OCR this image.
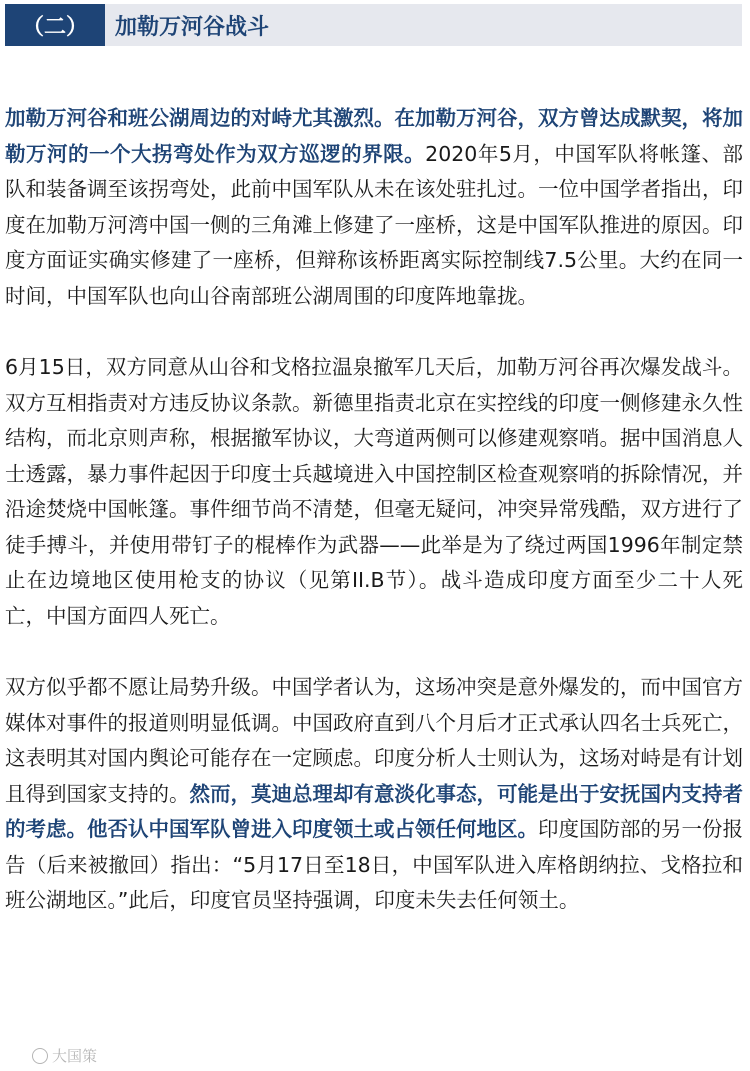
（二）	加勒万河谷战斗

加勒万河谷和班公湖周边的对峙尤其激烈。在加勒万河谷，双方曾达成默契，将加勒万河的一个大拐弯处作为双方巡逻的界限。2020年5月，中国军队将帐篷、部队和装备调至该拐弯处，此前中国军队从未在该处驻扎过。一位中国学者指出，印度在加勒万河湾中国一侧的三角滩上修建了一座桥，这是中国军队推进的原因。印度方面证实确实修建了一座桥，但辩称该桥距离实际控制线7.5公里。大约在同一时间，中国军队也向山谷南部班公湖周围的印度阵地靠拢。

6月15日，双方同意从山谷和戈格拉温泉撤军几天后，加勒万河谷再次爆发战斗。双方互相指责对方违反协议条款。新德里指责北京在实控线的印度一侧修建永久性结构，而北京则声称，根据撤军协议，大弯道两侧可以修建观察哨。据中国消息人士透露，暴力事件起因于印度士兵越境进入中国控制区检查观察哨的拆除情况，并沿途焚烧中国帐篷。事件细节尚不清楚，但毫无疑问，冲突异常残酷，双方进行了徒手搏斗，并使用带钉子的棍棒作为武器——此举是为了绕过两国1996年制定禁止在边境地区使用枪支的协议（见第II.B节）。战斗造成印度方面至少二十人死亡，中国方面四人死亡。

双方似乎都不愿让局势升级。中国学者认为，这场冲突是意外爆发的，而中国官方媒体对事件的报道则明显低调。中国政府直到八个月后才正式承认四名士兵死亡，这表明其对国内舆论可能存在一定顾虑。印度分析人士则认为，这场对峙是有计划且得到国家支持的。然而，莫迪总理却有意淡化事态，可能是出于安抚国内支持者的考虑。他否认中国军队曾进入印度领土或占领任何地区。印度国防部的另一份报告（后来被撤回）指出：“5月17日至18日，中国军队进入库格朗纳拉、戈格拉和班公湖地区。”此后，印度官员坚持强调，印度未失去任何领土。

大国策
